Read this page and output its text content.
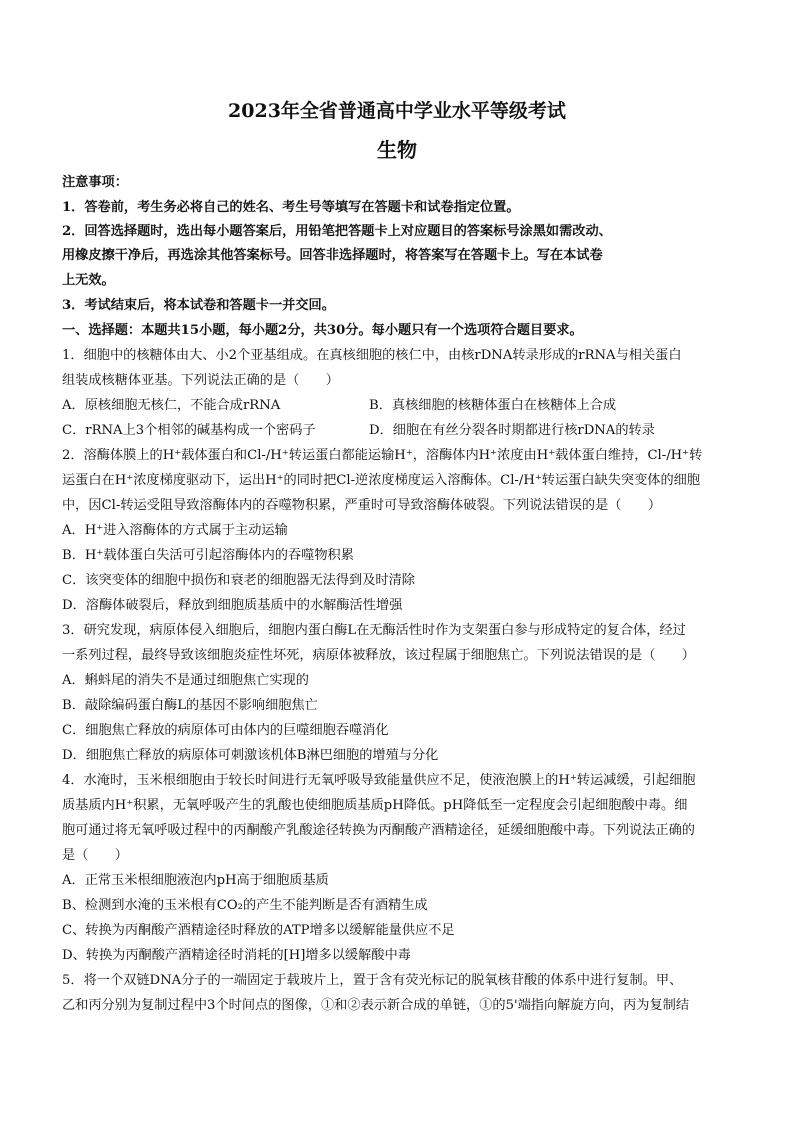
2023年全省普通高中学业水平等级考试
生物
注意事项：
1．答卷前，考生务必将自己的姓名、考生号等填写在答题卡和试卷指定位置。
2．回答选择题时，选出每小题答案后，用铅笔把答题卡上对应题目的答案标号涂黑如需改动、
用橡皮擦干净后，再选涂其他答案标号。回答非选择题时，将答案写在答题卡上。写在本试卷
上无效。
3．考试结束后，将本试卷和答题卡一并交回。
一、选择题：本题共15小题，每小题2分，共30分。每小题只有一个选项符合题目要求。
1．细胞中的核糖体由大、小2个亚基组成。在真核细胞的核仁中，由核rDNA转录形成的rRNA与相关蛋白
组装成核糖体亚基。下列说法正确的是（　　）
A．原核细胞无核仁，不能合成rRNA	B．真核细胞的核糖体蛋白在核糖体上合成
C．rRNA上3个相邻的碱基构成一个密码子	D．细胞在有丝分裂各时期都进行核rDNA的转录
2．溶酶体膜上的H⁺载体蛋白和Cl-/H⁺转运蛋白都能运输H⁺，溶酶体内H⁺浓度由H⁺载体蛋白维持，Cl-/H⁺转
运蛋白在H⁺浓度梯度驱动下，运出H⁺的同时把Cl-逆浓度梯度运入溶酶体。Cl-/H⁺转运蛋白缺失突变体的细胞
中，因Cl-转运受阻导致溶酶体内的吞噬物积累，严重时可导致溶酶体破裂。下列说法错误的是（　　）
A．H⁺进入溶酶体的方式属于主动运输
B．H⁺载体蛋白失活可引起溶酶体内的吞噬物积累
C．该突变体的细胞中损伤和衰老的细胞器无法得到及时清除
D．溶酶体破裂后，释放到细胞质基质中的水解酶活性增强
3．研究发现，病原体侵入细胞后，细胞内蛋白酶L在无酶活性时作为支架蛋白参与形成特定的复合体，经过
一系列过程，最终导致该细胞炎症性坏死，病原体被释放，该过程属于细胞焦亡。下列说法错误的是（　　）
A．蝌蚪尾的消失不是通过细胞焦亡实现的
B．敲除编码蛋白酶L的基因不影响细胞焦亡
C．细胞焦亡释放的病原体可由体内的巨噬细胞吞噬消化
D．细胞焦亡释放的病原体可刺激该机体B淋巴细胞的增殖与分化
4．水淹时，玉米根细胞由于较长时间进行无氧呼吸导致能量供应不足，使液泡膜上的H⁺转运减缓，引起细胞
质基质内H⁺积累，无氧呼吸产生的乳酸也使细胞质基质pH降低。pH降低至一定程度会引起细胞酸中毒。细
胞可通过将无氧呼吸过程中的丙酮酸产乳酸途径转换为丙酮酸产酒精途径，延缓细胞酸中毒。下列说法正确的
是（　　）
A．正常玉米根细胞液泡内pH高于细胞质基质
B、检测到水淹的玉米根有CO₂的产生不能判断是否有酒精生成
C、转换为丙酮酸产酒精途径时释放的ATP增多以缓解能量供应不足
D、转换为丙酮酸产酒精途径时消耗的[H]增多以缓解酸中毒
5．将一个双链DNA分子的一端固定于载玻片上，置于含有荧光标记的脱氧核苷酸的体系中进行复制。甲、
乙和丙分别为复制过程中3个时间点的图像，①和②表示新合成的单链，①的5'端指向解旋方向，丙为复制结
